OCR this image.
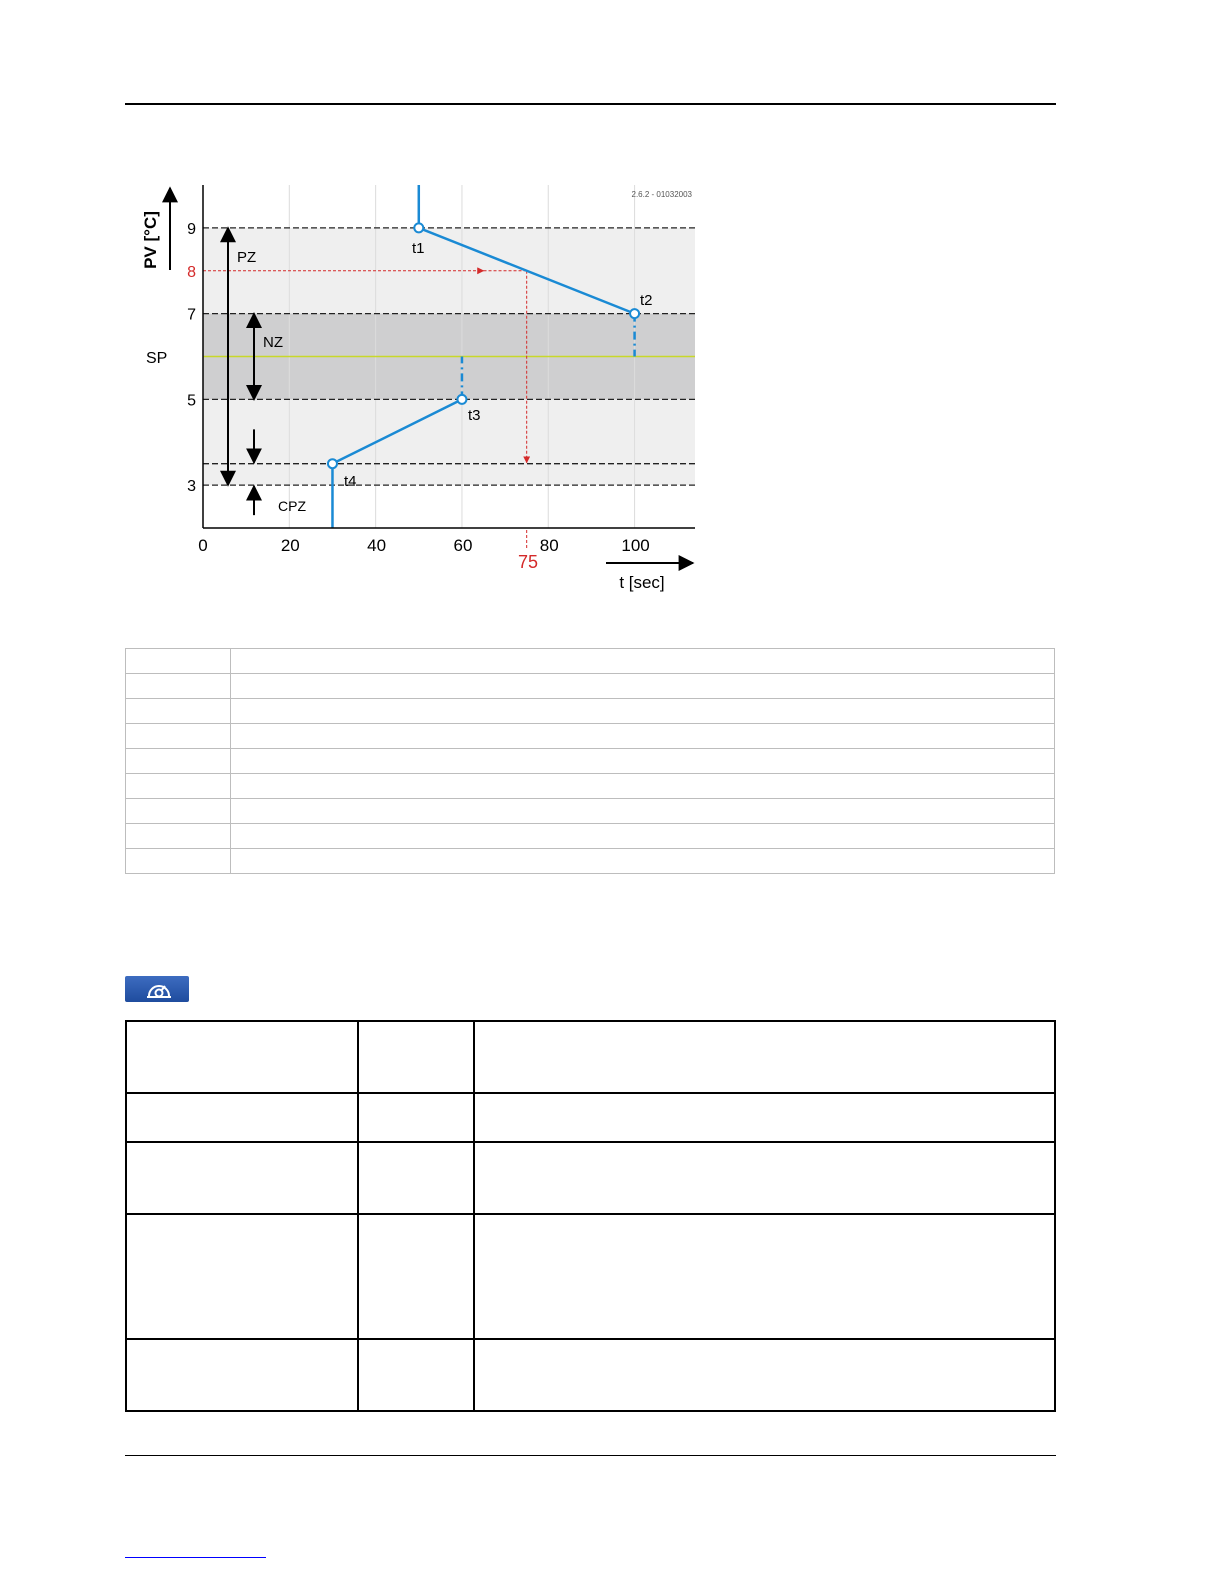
0	20	40	60	80	100
9
8
7
5
3
2.6.2 - 01032003
PV [°C]
t [sec]
SP
PZ
NZ
CPZ
75
t1
t2
t3
t4
